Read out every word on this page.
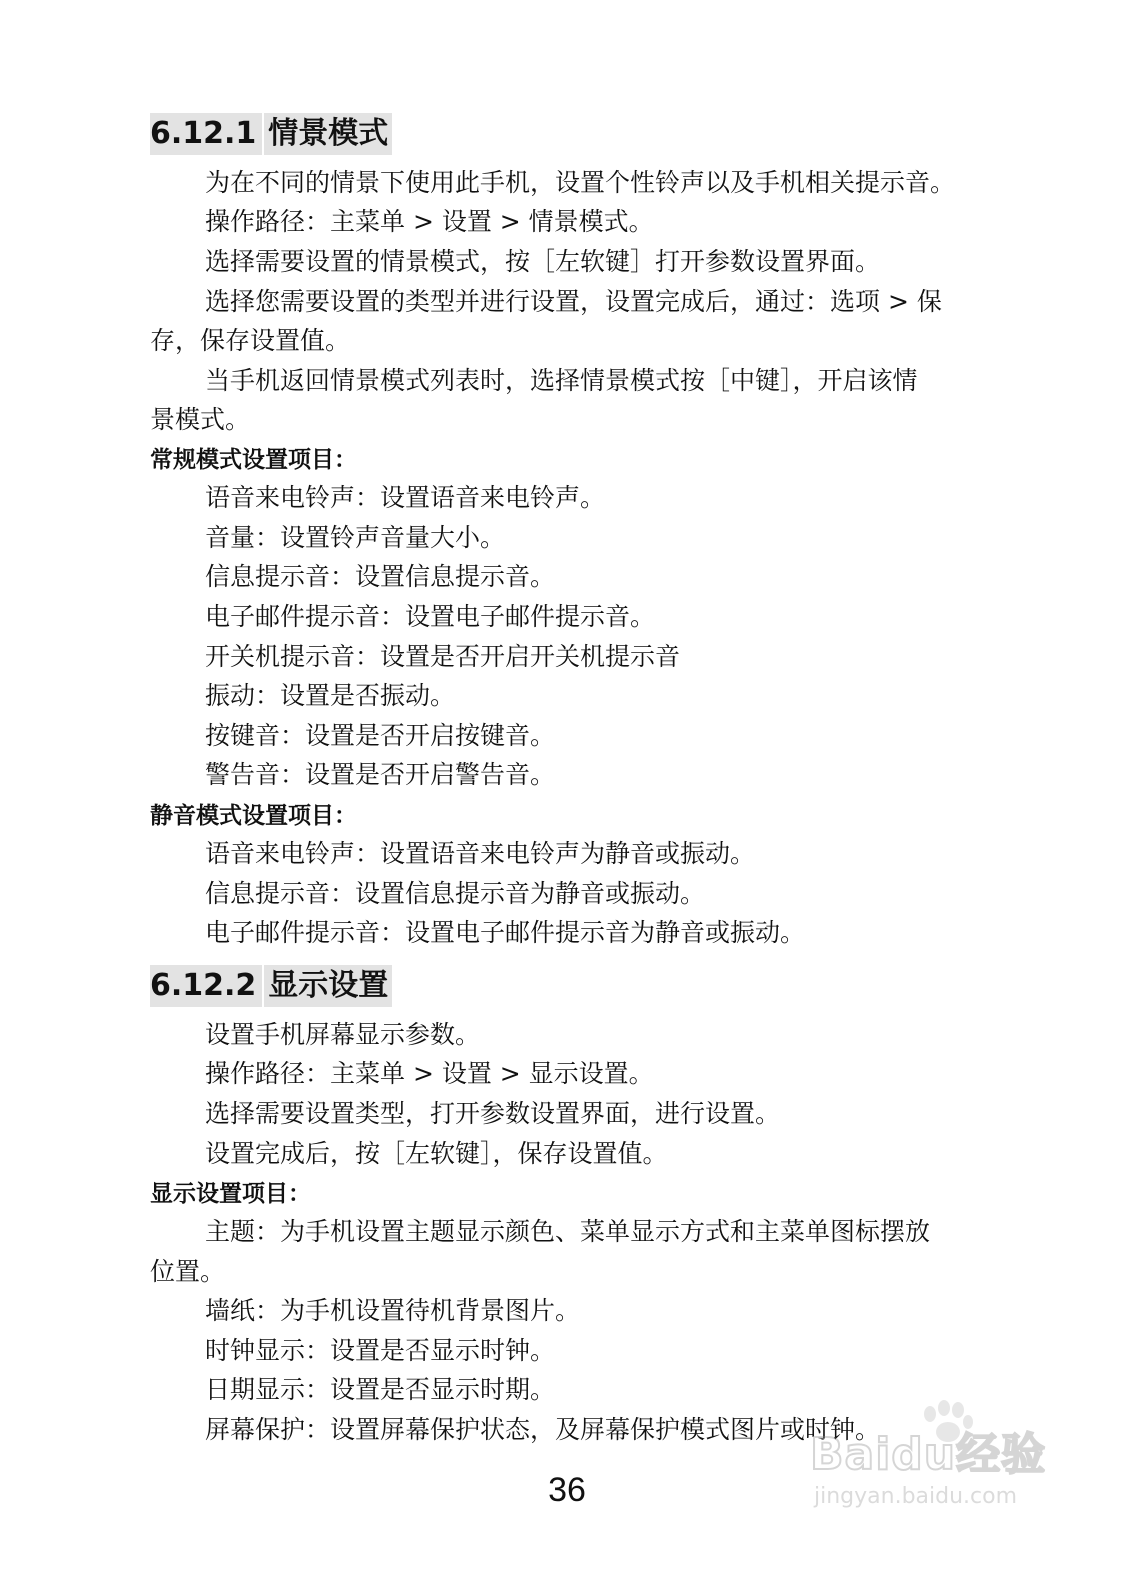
6.12.1 情景模式
为在不同的情景下使用此手机，设置个性铃声以及手机相关提示音。
操作路径：主菜单 > 设置 > 情景模式。
选择需要设置的情景模式，按［左软键］打开参数设置界面。
选择您需要设置的类型并进行设置，设置完成后，通过：选项 > 保
存，保存设置值。
当手机返回情景模式列表时，选择情景模式按［中键］，开启该情
景模式。
常规模式设置项目：
语音来电铃声：设置语音来电铃声。
音量：设置铃声音量大小。
信息提示音：设置信息提示音。
电子邮件提示音：设置电子邮件提示音。
开关机提示音：设置是否开启开关机提示音
振动：设置是否振动。
按键音：设置是否开启按键音。
警告音：设置是否开启警告音。
静音模式设置项目：
语音来电铃声：设置语音来电铃声为静音或振动。
信息提示音：设置信息提示音为静音或振动。
电子邮件提示音：设置电子邮件提示音为静音或振动。
6.12.2 显示设置
设置手机屏幕显示参数。
操作路径：主菜单 > 设置 > 显示设置。
选择需要设置类型，打开参数设置界面，进行设置。
设置完成后，按［左软键］，保存设置值。
显示设置项目：
主题：为手机设置主题显示颜色、菜单显示方式和主菜单图标摆放
位置。
墙纸：为手机设置待机背景图片。
时钟显示：设置是否显示时钟。
日期显示：设置是否显示时期。
屏幕保护：设置屏幕保护状态，及屏幕保护模式图片或时钟。
36
Baidu经验
jingyan.baidu.com
